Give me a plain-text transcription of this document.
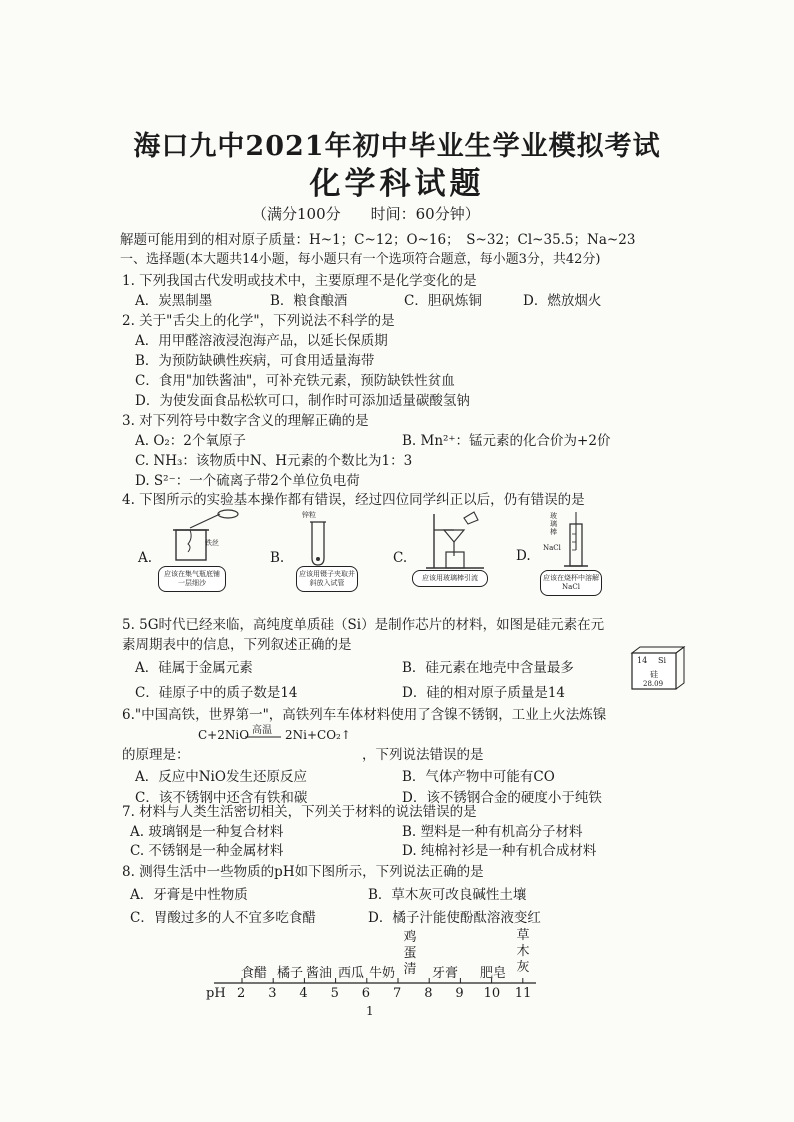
海口九中2021年初中毕业生学业模拟考试
化学科试题
（满分100分　　时间：60分钟）
解题可能用到的相对原子质量：H~1；C~12；O~16；　S~32；Cl~35.5；Na~23
一、选择题(本大题共14小题，每小题只有一个选项符合题意，每小题3分，共42分)
1. 下列我国古代发明或技术中，主要原理不是化学变化的是
A．炭黑制墨	B．粮食酿酒	C．胆矾炼铜	D．燃放烟火
2. 关于"舌尖上的化学"，下列说法不科学的是
A．用甲醛溶液浸泡海产品，以延长保质期
B．为预防缺碘性疾病，可食用适量海带
C．食用"加铁酱油"，可补充铁元素，预防缺铁性贫血
D．为使发面食品松软可口，制作时可添加适量碳酸氢钠
3. 对下列符号中数字含义的理解正确的是
A. O₂：2个氧原子	B. Mn²⁺：锰元素的化合价为+2价
C. NH₃：该物质中N、H元素的个数比为1：3
D. S²⁻：一个硫离子带2个单位负电荷
4. 下图所示的实验基本操作都有错误，经过四位同学纠正以后，仍有错误的是
A.
铁丝
应该在集气瓶底铺一层细沙
B.
锌粒
应该用镊子夹取并斜放入试管
C.
应该用玻璃棒引流
D.
玻璃棒
NaCl
应该在烧杯中溶解NaCl
5. 5G时代已经来临，高纯度单质硅（Si）是制作芯片的材料，如图是硅元素在元
素周期表中的信息，下列叙述正确的是
A．硅属于金属元素	B．硅元素在地壳中含量最多
C．硅原子中的质子数是14	D．硅的相对原子质量是14
14 Si
硅
28.09
6."中国高铁，世界第一"，高铁列车车体材料使用了含镍不锈钢，工业上火法炼镍
的原理是：
C+2NiO 高温 2Ni+CO₂↑
，下列说法错误的是
A．反应中NiO发生还原反应	B．气体产物中可能有CO
C．该不锈钢中还含有铁和碳	D．该不锈钢合金的硬度小于纯铁
7. 材料与人类生活密切相关，下列关于材料的说法错误的是
A. 玻璃钢是一种复合材料	B. 塑料是一种有机高分子材料
C. 不锈钢是一种金属材料	D. 纯棉衬衫是一种有机合成材料
8. 测得生活中一些物质的pH如下图所示，下列说法正确的是
A．牙膏是中性物质	B．草木灰可改良碱性土壤
C．胃酸过多的人不宜多吃食醋	D．橘子汁能使酚酞溶液变红
pH 2 3 4 5 6 7 8 9 10 11
食醋 橘子 酱油 西瓜 牛奶
鸡蛋清 牙膏 肥皂
草木灰
1
